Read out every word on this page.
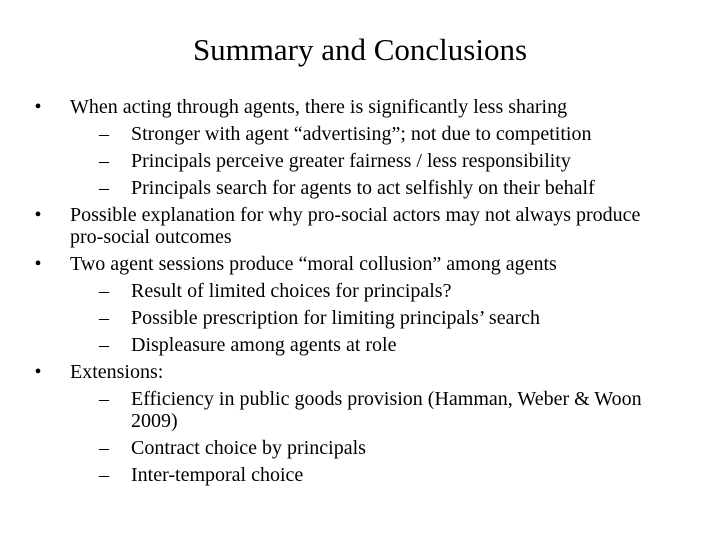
Summary and Conclusions
•	When acting through agents, there is significantly less sharing
– Stronger with agent “advertising”; not due to competition
– Principals perceive greater fairness / less responsibility
– Principals search for agents to act selfishly on their behalf
•	Possible explanation for why pro-social actors may not always produce pro-social outcomes
•	Two agent sessions produce “moral collusion” among agents
– Result of limited choices for principals?
– Possible prescription for limiting principals’ search
– Displeasure among agents at role
•	Extensions:
– Efficiency in public goods provision (Hamman, Weber & Woon 2009)
– Contract choice by principals
– Inter-temporal choice
